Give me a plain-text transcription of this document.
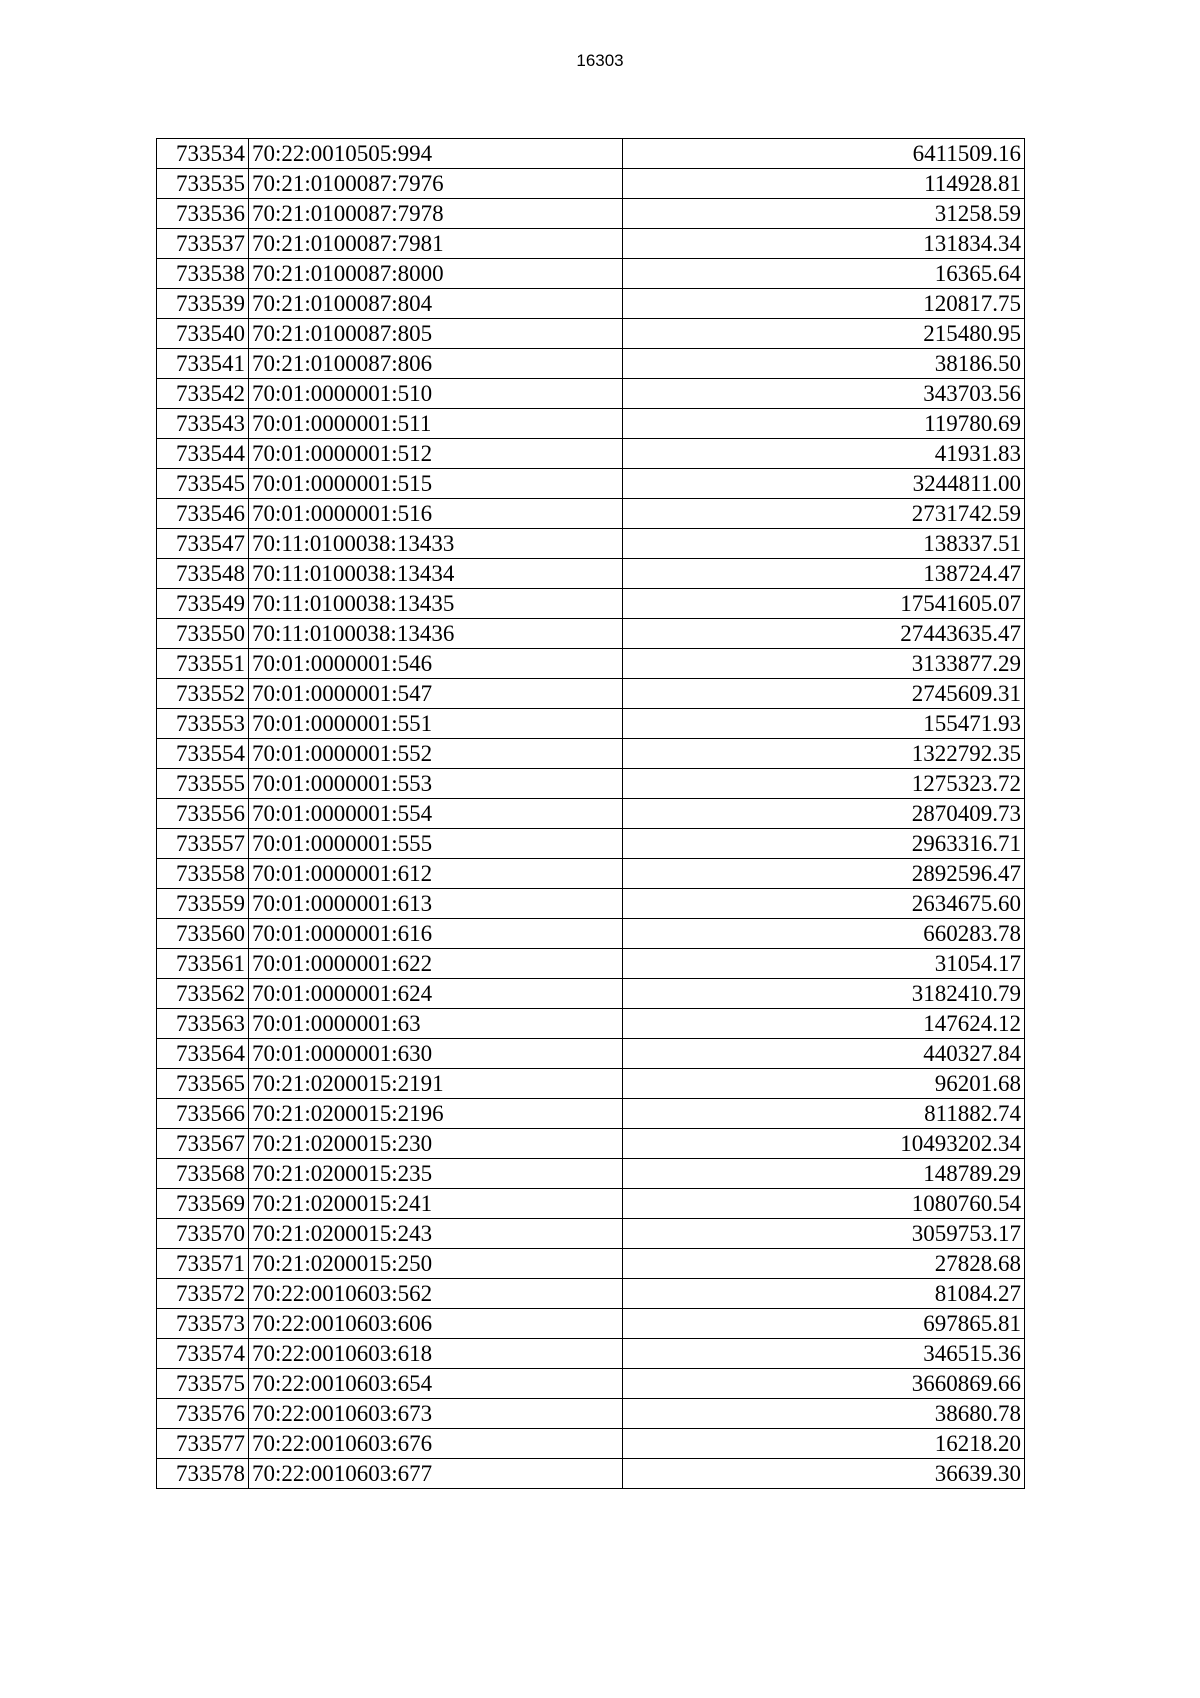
16303
733534	70:22:0010505:994	6411509.16
733535	70:21:0100087:7976	114928.81
733536	70:21:0100087:7978	31258.59
733537	70:21:0100087:7981	131834.34
733538	70:21:0100087:8000	16365.64
733539	70:21:0100087:804	120817.75
733540	70:21:0100087:805	215480.95
733541	70:21:0100087:806	38186.50
733542	70:01:0000001:510	343703.56
733543	70:01:0000001:511	119780.69
733544	70:01:0000001:512	41931.83
733545	70:01:0000001:515	3244811.00
733546	70:01:0000001:516	2731742.59
733547	70:11:0100038:13433	138337.51
733548	70:11:0100038:13434	138724.47
733549	70:11:0100038:13435	17541605.07
733550	70:11:0100038:13436	27443635.47
733551	70:01:0000001:546	3133877.29
733552	70:01:0000001:547	2745609.31
733553	70:01:0000001:551	155471.93
733554	70:01:0000001:552	1322792.35
733555	70:01:0000001:553	1275323.72
733556	70:01:0000001:554	2870409.73
733557	70:01:0000001:555	2963316.71
733558	70:01:0000001:612	2892596.47
733559	70:01:0000001:613	2634675.60
733560	70:01:0000001:616	660283.78
733561	70:01:0000001:622	31054.17
733562	70:01:0000001:624	3182410.79
733563	70:01:0000001:63	147624.12
733564	70:01:0000001:630	440327.84
733565	70:21:0200015:2191	96201.68
733566	70:21:0200015:2196	811882.74
733567	70:21:0200015:230	10493202.34
733568	70:21:0200015:235	148789.29
733569	70:21:0200015:241	1080760.54
733570	70:21:0200015:243	3059753.17
733571	70:21:0200015:250	27828.68
733572	70:22:0010603:562	81084.27
733573	70:22:0010603:606	697865.81
733574	70:22:0010603:618	346515.36
733575	70:22:0010603:654	3660869.66
733576	70:22:0010603:673	38680.78
733577	70:22:0010603:676	16218.20
733578	70:22:0010603:677	36639.30
